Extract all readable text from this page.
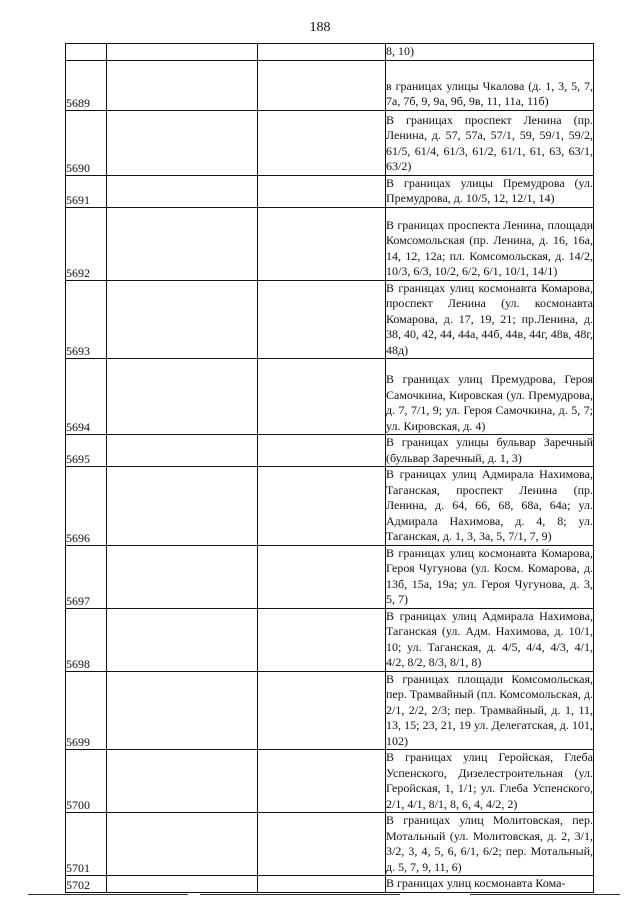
188
			8, 10)
5689			в границах улицы Чкалова (д. 1, 3, 5, 7, 7а, 7б, 9, 9а, 9б, 9в, 11, 11а, 11б)
5690			В границах проспект Ленина (пр. Ленина, д. 57, 57а, 57/1, 59, 59/1, 59/2, 61/5, 61/4, 61/3, 61/2, 61/1, 61, 63, 63/1, 63/2)
5691			В границах улицы Премудрова (ул. Премудрова, д. 10/5, 12, 12/1, 14)
5692			В границах проспекта Ленина, площади Комсомольская (пр. Ленина, д. 16, 16а, 14, 12, 12а; пл. Комсомольская, д. 14/2, 10/3, 6/3, 10/2, 6/2, 6/1, 10/1, 14/1)
5693			В границах улиц космонавта Комарова, проспект Ленина (ул. космонавта Комарова, д. 17, 19, 21; пр.Ленина, д. 38, 40, 42, 44, 44а, 44б, 44в, 44г, 48в, 48г, 48д)
5694			В границах улиц Премудрова, Героя Самочкина, Кировская (ул. Премудрова, д. 7, 7/1, 9; ул. Героя Самочкина, д. 5, 7; ул. Кировская, д. 4)
5695			В границах улицы бульвар Заречный (бульвар Заречный, д. 1, 3)
5696			В границах улиц Адмирала Нахимова, Таганская, проспект Ленина (пр. Ленина, д. 64, 66, 68, 68а, 64а; ул. Адмирала Нахимова, д. 4, 8; ул. Таганская, д. 1, 3, 3а, 5, 7/1, 7, 9)
5697			В границах улиц космонавта Комарова, Героя Чугунова (ул. Косм. Комарова, д. 13б, 15а, 19а; ул. Героя Чугунова, д. 3, 5, 7)
5698			В границах улиц Адмирала Нахимова, Таганская (ул. Адм. Нахимова, д. 10/1, 10; ул. Таганская, д. 4/5, 4/4, 4/3, 4/1, 4/2, 8/2, 8/3, 8/1, 8)
5699			В границах площади Комсомольская, пер. Трамвайный (пл. Комсомольская, д. 2/1, 2/2, 2/3; пер. Трамвайный, д. 1, 11, 13, 15; 23, 21, 19 ул. Делегатская, д. 101, 102)
5700			В границах улиц Геройская, Глеба Успенского, Дизелестроительная (ул. Геройская, 1, 1/1; ул. Глеба Успенского, 2/1, 4/1, 8/1, 8, 6, 4, 4/2, 2)
5701			В границах улиц Молитовская, пер. Мотальный (ул. Молитовская, д. 2, 3/1, 3/2, 3, 4, 5, 6, 6/1, 6/2; пер. Мотальный, д. 5, 7, 9, 11, 6)
5702			В границах улиц космонавта Кома-
